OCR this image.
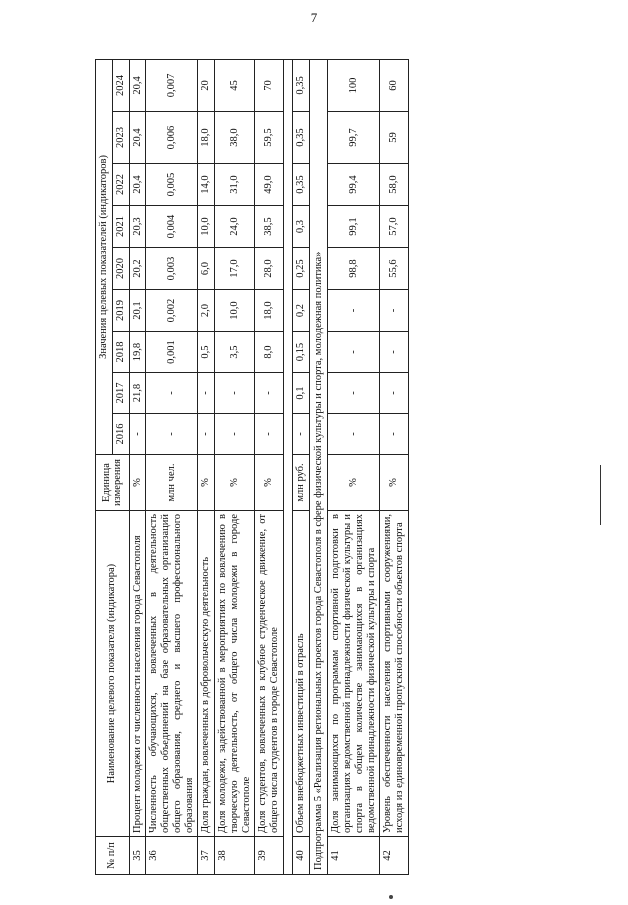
7
№ п/п	Наименование целевого показателя (индикатора)	Единица измерения	Значения целевых показателей (индикаторов)								
			2016	2017	2018	2019	2020	2021	2022	2023	2024
35	Процент молодежи от численности населения города Севастополя	%	-	21,8	19,8	20,1	20,2	20,3	20,4	20,4	20,4
36	Численность обучающихся, вовлеченных в деятельность общественных объединений на базе образовательных организаций общего образования, среднего и высшего профессионального образования	млн чел.	-	-	0,001	0,002	0,003	0,004	0,005	0,006	0,007
37	Доля граждан, вовлеченных в добровольческую деятельность	%	-	-	0,5	2,0	6,0	10,0	14,0	18,0	20
38	Доля молодежи, задействованной в мероприятиях по вовлечению в творческую деятельность, от общего числа молодежи в городе Севастополе	%	-	-	3,5	10,0	17,0	24,0	31,0	38,0	45
39	Доля студентов, вовлеченных в клубное студенческое движение, от общего числа студентов в городе Севастополе	%	-	-	8,0	18,0	28,0	38,5	49,0	59,5	70

40	Объем внебюджетных инвестиций в отрасль	млн руб.	-	0,1	0,15	0,2	0,25	0,3	0,35	0,35	0,35
Подпрограмма 5 «Реализация региональных проектов города Севастополя в сфере физической культуры и спорта, молодежная политика»											
41	Доля занимающихся по программам спортивной подготовки в организациях ведомственной принадлежности физической культуры и спорта в общем количестве занимающихся в организациях ведомственной принадлежности физической культуры и спорта	%	-	-	-	-	98,8	99,1	99,4	99,7	100
42	Уровень обеспеченности населения спортивными сооружениями, исходя из единовременной пропускной способности объектов спорта	%	-	-	-	-	55,6	57,0	58,0	59	60
